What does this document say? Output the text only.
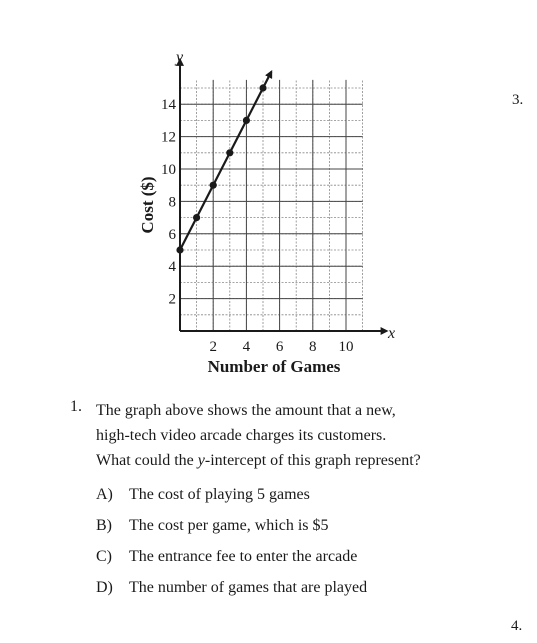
2 4 6 8 10
2
4
6
8
10
12
14
Number of Games
Cost ($)
x
y
3.
4.
1. The graph above shows the amount that a new,
high-tech video arcade charges its customers.
What could the y-intercept of this graph represent?
A) The cost of playing 5 games
B) The cost per game, which is $5
C) The entrance fee to enter the arcade
D) The number of games that are played
